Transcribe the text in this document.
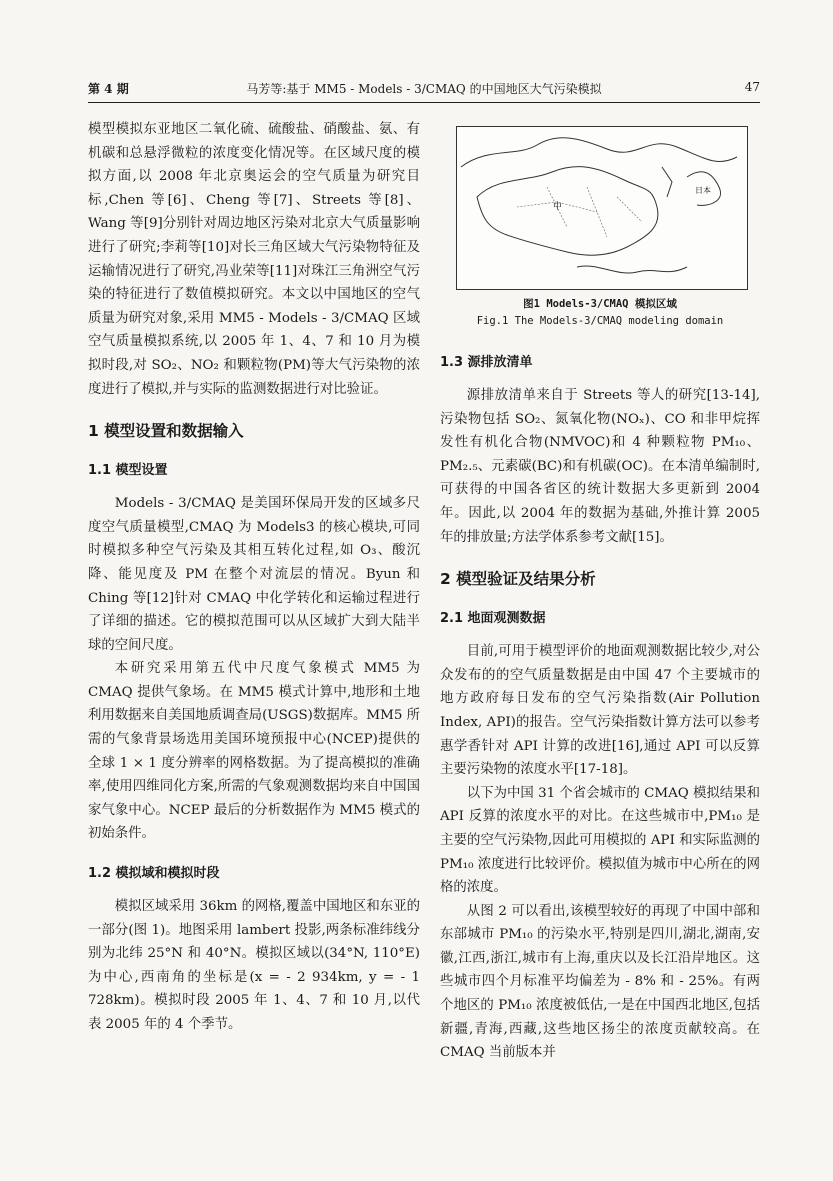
第 4 期	马芳等:基于 MM5 - Models - 3/CMAQ 的中国地区大气污染模拟	47

模型模拟东亚地区二氧化硫、硫酸盐、硝酸盐、氨、有机碳和总悬浮微粒的浓度变化情况等。在区域尺度的模拟方面,以 2008 年北京奥运会的空气质量为研究目标,Chen 等[6]、Cheng 等[7]、Streets 等[8]、Wang 等[9]分别针对周边地区污染对北京大气质量影响进行了研究;李莉等[10]对长三角区域大气污染物特征及运输情况进行了研究,冯业荣等[11]对珠江三角洲空气污染的特征进行了数值模拟研究。本文以中国地区的空气质量为研究对象,采用 MM5 - Models - 3/CMAQ 区域空气质量模拟系统,以 2005 年 1、4、7 和 10 月为模拟时段,对 SO₂、NO₂ 和颗粒物(PM)等大气污染物的浓度进行了模拟,并与实际的监测数据进行对比验证。

1 模型设置和数据输入
1.1 模型设置

Models - 3/CMAQ 是美国环保局开发的区域多尺度空气质量模型,CMAQ 为 Models3 的核心模块,可同时模拟多种空气污染及其相互转化过程,如 O₃、酸沉降、能见度及 PM 在整个对流层的情况。Byun 和 Ching 等[12]针对 CMAQ 中化学转化和运输过程进行了详细的描述。它的模拟范围可以从区域扩大到大陆半球的空间尺度。

本研究采用第五代中尺度气象模式 MM5 为 CMAQ 提供气象场。在 MM5 模式计算中,地形和土地利用数据来自美国地质调查局(USGS)数据库。MM5 所需的气象背景场选用美国环境预报中心(NCEP)提供的全球 1 × 1 度分辨率的网格数据。为了提高模拟的准确率,使用四维同化方案,所需的气象观测数据均来自中国国家气象中心。NCEP 最后的分析数据作为 MM5 模式的初始条件。

1.2 模拟域和模拟时段

模拟区域采用 36km 的网格,覆盖中国地区和东亚的一部分(图 1)。地图采用 lambert 投影,两条标准纬线分别为北纬 25°N 和 40°N。模拟区域以(34°N, 110°E)为中心,西南角的坐标是(x = - 2 934km, y = - 1 728km)。模拟时段 2005 年 1、4、7 和 10 月,以代表 2005 年的 4 个季节。

中
日本
图1 Models-3/CMAQ 模拟区域
Fig.1 The Models-3/CMAQ modeling domain
1.3 源排放清单

源排放清单来自于 Streets 等人的研究[13-14],污染物包括 SO₂、氮氧化物(NOₓ)、CO 和非甲烷挥发性有机化合物(NMVOC)和 4 种颗粒物 PM₁₀、PM₂.₅、元素碳(BC)和有机碳(OC)。在本清单编制时,可获得的中国各省区的统计数据大多更新到 2004 年。因此,以 2004 年的数据为基础,外推计算 2005 年的排放量;方法学体系参考文献[15]。

2 模型验证及结果分析
2.1 地面观测数据

目前,可用于模型评价的地面观测数据比较少,对公众发布的的空气质量数据是由中国 47 个主要城市的地方政府每日发布的空气污染指数(Air Pollution Index, API)的报告。空气污染指数计算方法可以参考惠学香针对 API 计算的改进[16],通过 API 可以反算主要污染物的浓度水平[17-18]。

以下为中国 31 个省会城市的 CMAQ 模拟结果和 API 反算的浓度水平的对比。在这些城市中,PM₁₀ 是主要的空气污染物,因此可用模拟的 API 和实际监测的 PM₁₀ 浓度进行比较评价。模拟值为城市中心所在的网格的浓度。

从图 2 可以看出,该模型较好的再现了中国中部和东部城市 PM₁₀ 的污染水平,特别是四川,湖北,湖南,安徽,江西,浙江,城市有上海,重庆以及长江沿岸地区。这些城市四个月标准平均偏差为 - 8% 和 - 25%。有两个地区的 PM₁₀ 浓度被低估,一是在中国西北地区,包括新疆,青海,西藏,这些地区扬尘的浓度贡献较高。在 CMAQ 当前版本并
